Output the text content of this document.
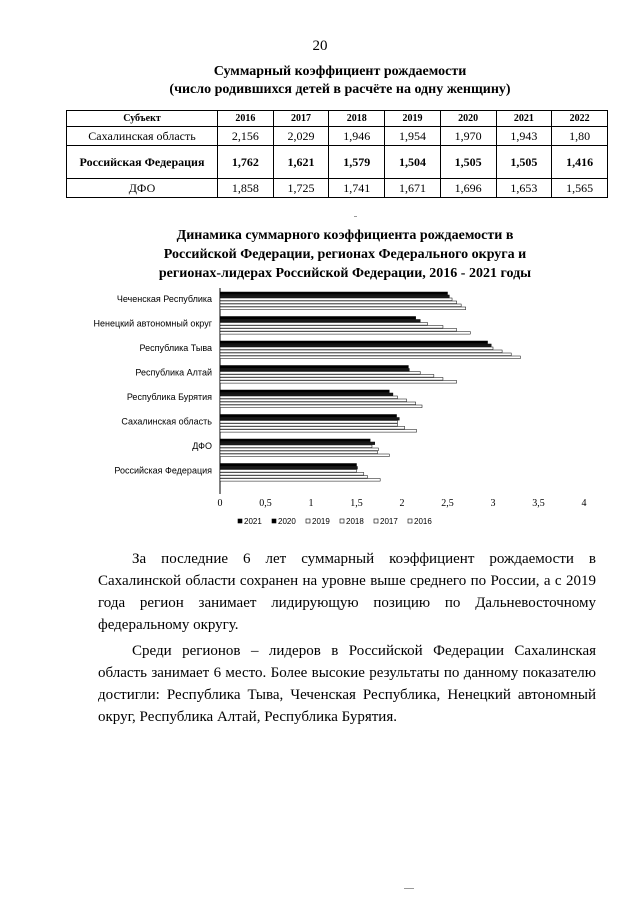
20
Суммарный коэффициент рождаемости
(число родившихся детей в расчёте на одну женщину)
Субъект	2016	2017	2018	2019	2020	2021	2022
Сахалинская область	2,156	2,029	1,946	1,954	1,970	1,943	1,80
Российская Федерация	1,762	1,621	1,579	1,504	1,505	1,505	1,416
ДФО	1,858	1,725	1,741	1,671	1,696	1,653	1,565
Динамика суммарного коэффициента рождаемости в
Российской Федерации, регионах Федерального округа и
регионах-лидерах Российской Федерации, 2016 - 2021 годы
Чеченская Республика
Ненецкий автономный округ
Республика Тыва
Республика Алтай
Республика Бурятия
Сахалинская область
ДФО
Российская Федерация
0	0,5	1	1,5	2	2,5	3	3,5	4
2021 2020 2019 2018 2017 2016
За последние 6 лет суммарный коэффициент рождаемости в Сахалинской области сохранен на уровне выше среднего по России, а с 2019 года регион занимает лидирующую позицию по Дальневосточному федеральному округу.
Среди регионов – лидеров в Российской Федерации Сахалинская область занимает 6 место. Более высокие результаты по данному показателю достигли: Республика Тыва, Чеченская Республика, Ненецкий автономный округ, Республика Алтай, Республика Бурятия.
